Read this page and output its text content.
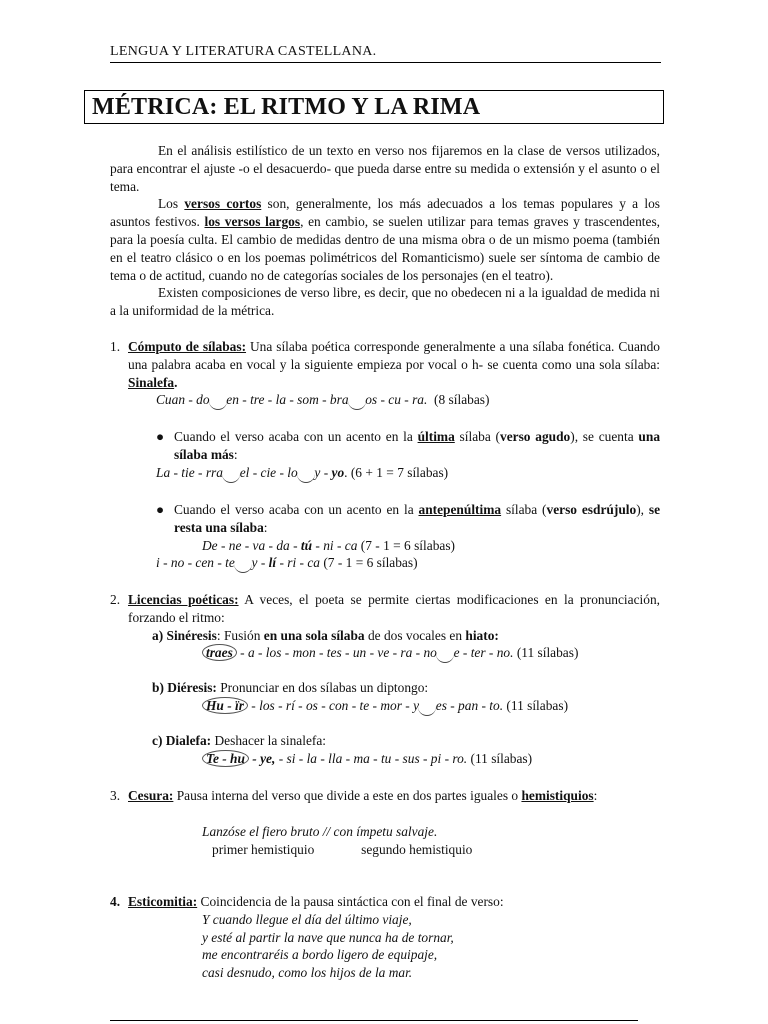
LENGUA Y LITERATURA CASTELLANA.
MÉTRICA: EL RITMO Y LA RIMA

En el análisis estilístico de un texto en verso nos fijaremos en la clase de versos utilizados, para encontrar el ajuste -o el desacuerdo- que pueda darse entre su medida o extensión y el asunto o el tema.

Los versos cortos son, generalmente, los más adecuados a los temas populares y a los asuntos festivos. los versos largos, en cambio, se suelen utilizar para temas graves y trascendentes, para la poesía culta. El cambio de medidas dentro de una misma obra o de un mismo poema (también en el teatro clásico o en los poemas polimétricos del Romanticismo) suele ser síntoma de cambio de tema o de actitud, cuando no de categorías sociales de los personajes (en el teatro).

Existen composiciones de verso libre, es decir, que no obedecen ni a la igualdad de medida ni a la uniformidad de la métrica.

1. Cómputo de sílabas: Una sílaba poética corresponde generalmente a una sílaba fonética. Cuando una palabra acaba en vocal y la siguiente empieza por vocal o h- se cuenta como una sola sílaba: Sinalefa.

Cuan - do en - tre - la - som - bra os - cu - ra. (8 sílabas)

● Cuando el verso acaba con un acento en la última sílaba (verso agudo), se cuenta una sílaba más:

La - tie - rra el - cie - lo y - yo. (6 + 1 = 7 sílabas)

● Cuando el verso acaba con un acento en la antepenúltima sílaba (verso esdrújulo), se resta una sílaba:

De - ne - va - da - tú - ni - ca (7 - 1 = 6 sílabas)

i - no - cen - te y - lí - ri - ca (7 - 1 = 6 sílabas)

2. Licencias poéticas: A veces, el poeta se permite ciertas modificaciones en la pronunciación, forzando el ritmo:

a) Sinéresis: Fusión en una sola sílaba de dos vocales en hiato:

traes - a - los - mon - tes - un - ve - ra - no e - ter - no. (11 sílabas)

b) Diéresis: Pronunciar en dos sílabas un diptongo:

Hu - ïr - los - rí - os - con - te - mor - y es - pan - to. (11 sílabas)

c) Dialefa: Deshacer la sinalefa:

Te - hu - ye, - si - la - lla - ma - tu - sus - pi - ro. (11 sílabas)

3. Cesura: Pausa interna del verso que divide a este en dos partes iguales o hemistiquios:

Lanzóse el fiero bruto // con ímpetu salvaje.

primer hemistiquio	segundo hemistiquio

4. Esticomitia: Coincidencia de la pausa sintáctica con el final de verso:

Y cuando llegue el día del último viaje,

y esté al partir la nave que nunca ha de tornar,

me encontraréis a bordo ligero de equipaje,

casi desnudo, como los hijos de la mar.
